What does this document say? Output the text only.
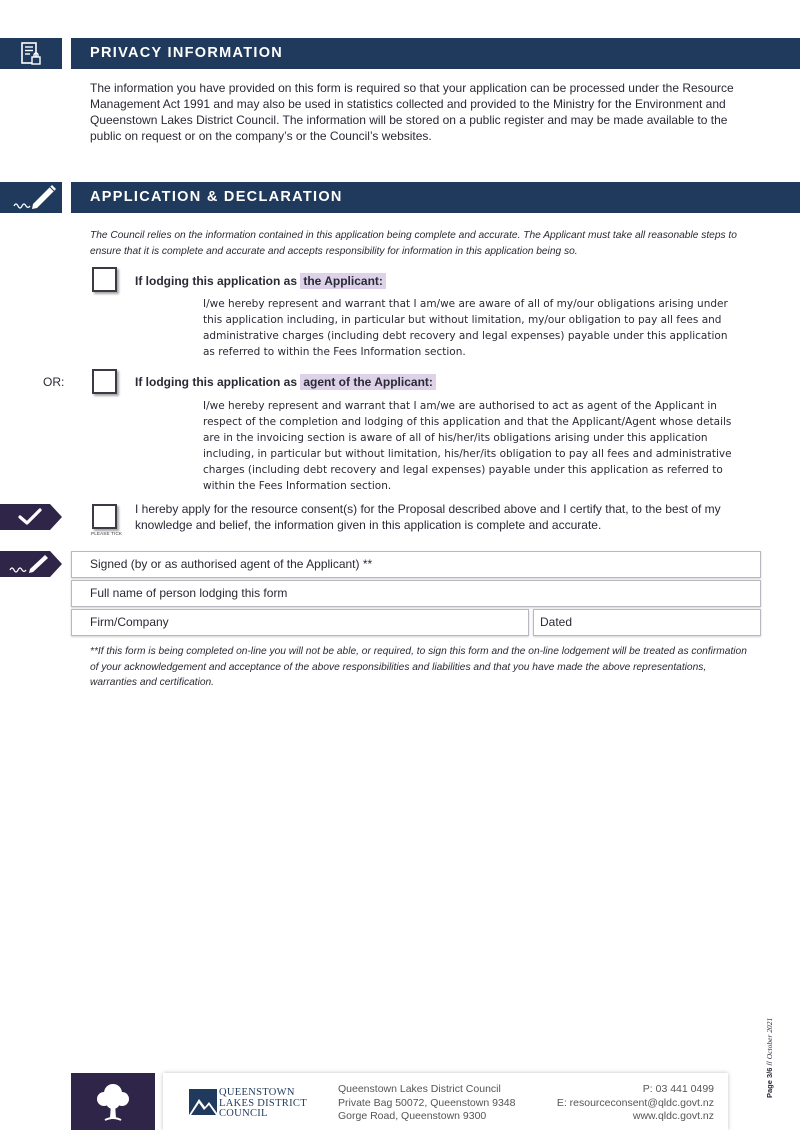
PRIVACY INFORMATION
The information you have provided on this form is required so that your application can be processed under the Resource Management Act 1991 and may also be used in statistics collected and provided to the Ministry for the Environment and Queenstown Lakes District Council. The information will be stored on a public register and may be made available to the public on request or on the company’s or the Council’s websites.
APPLICATION & DECLARATION
The Council relies on the information contained in this application being complete and accurate. The Applicant must take all reasonable steps to ensure that it is complete and accurate and accepts responsibility for information in this application being so.
If lodging this application as the Applicant:
I/we hereby represent and warrant that I am/we are aware of all of my/our obligations arising under this application including, in particular but without limitation, my/our obligation to pay all fees and administrative charges (including debt recovery and legal expenses) payable under this application as referred to within the Fees Information section.
OR:	If lodging this application as agent of the Applicant:
I/we hereby represent and warrant that I am/we are authorised to act as agent of the Applicant in respect of the completion and lodging of this application and that the Applicant/Agent whose details are in the invoicing section is aware of all of his/her/its obligations arising under this application including, in particular but without limitation, his/her/its obligation to pay all fees and administrative charges (including debt recovery and legal expenses) payable under this application as referred to within the Fees Information section.
PLEASE TICK
I hereby apply for the resource consent(s) for the Proposal described above and I certify that, to the best of my knowledge and belief, the information given in this application is complete and accurate.
Signed (by or as authorised agent of the Applicant) **
Full name of person lodging this form
Firm/Company	Dated
**If this form is being completed on-line you will not be able, or required, to sign this form and the on-line lodgement will be treated as confirmation of your acknowledgement and acceptance of the above responsibilities and liabilities and that you have made the above representations, warranties and certification.
Page 3/6 // October 2021
QUEENSTOWN
LAKES DISTRICT
COUNCIL
Queenstown Lakes District Council
Private Bag 50072, Queenstown 9348
Gorge Road, Queenstown 9300
P: 03 441 0499
E: resourceconsent@qldc.govt.nz
www.qldc.govt.nz
